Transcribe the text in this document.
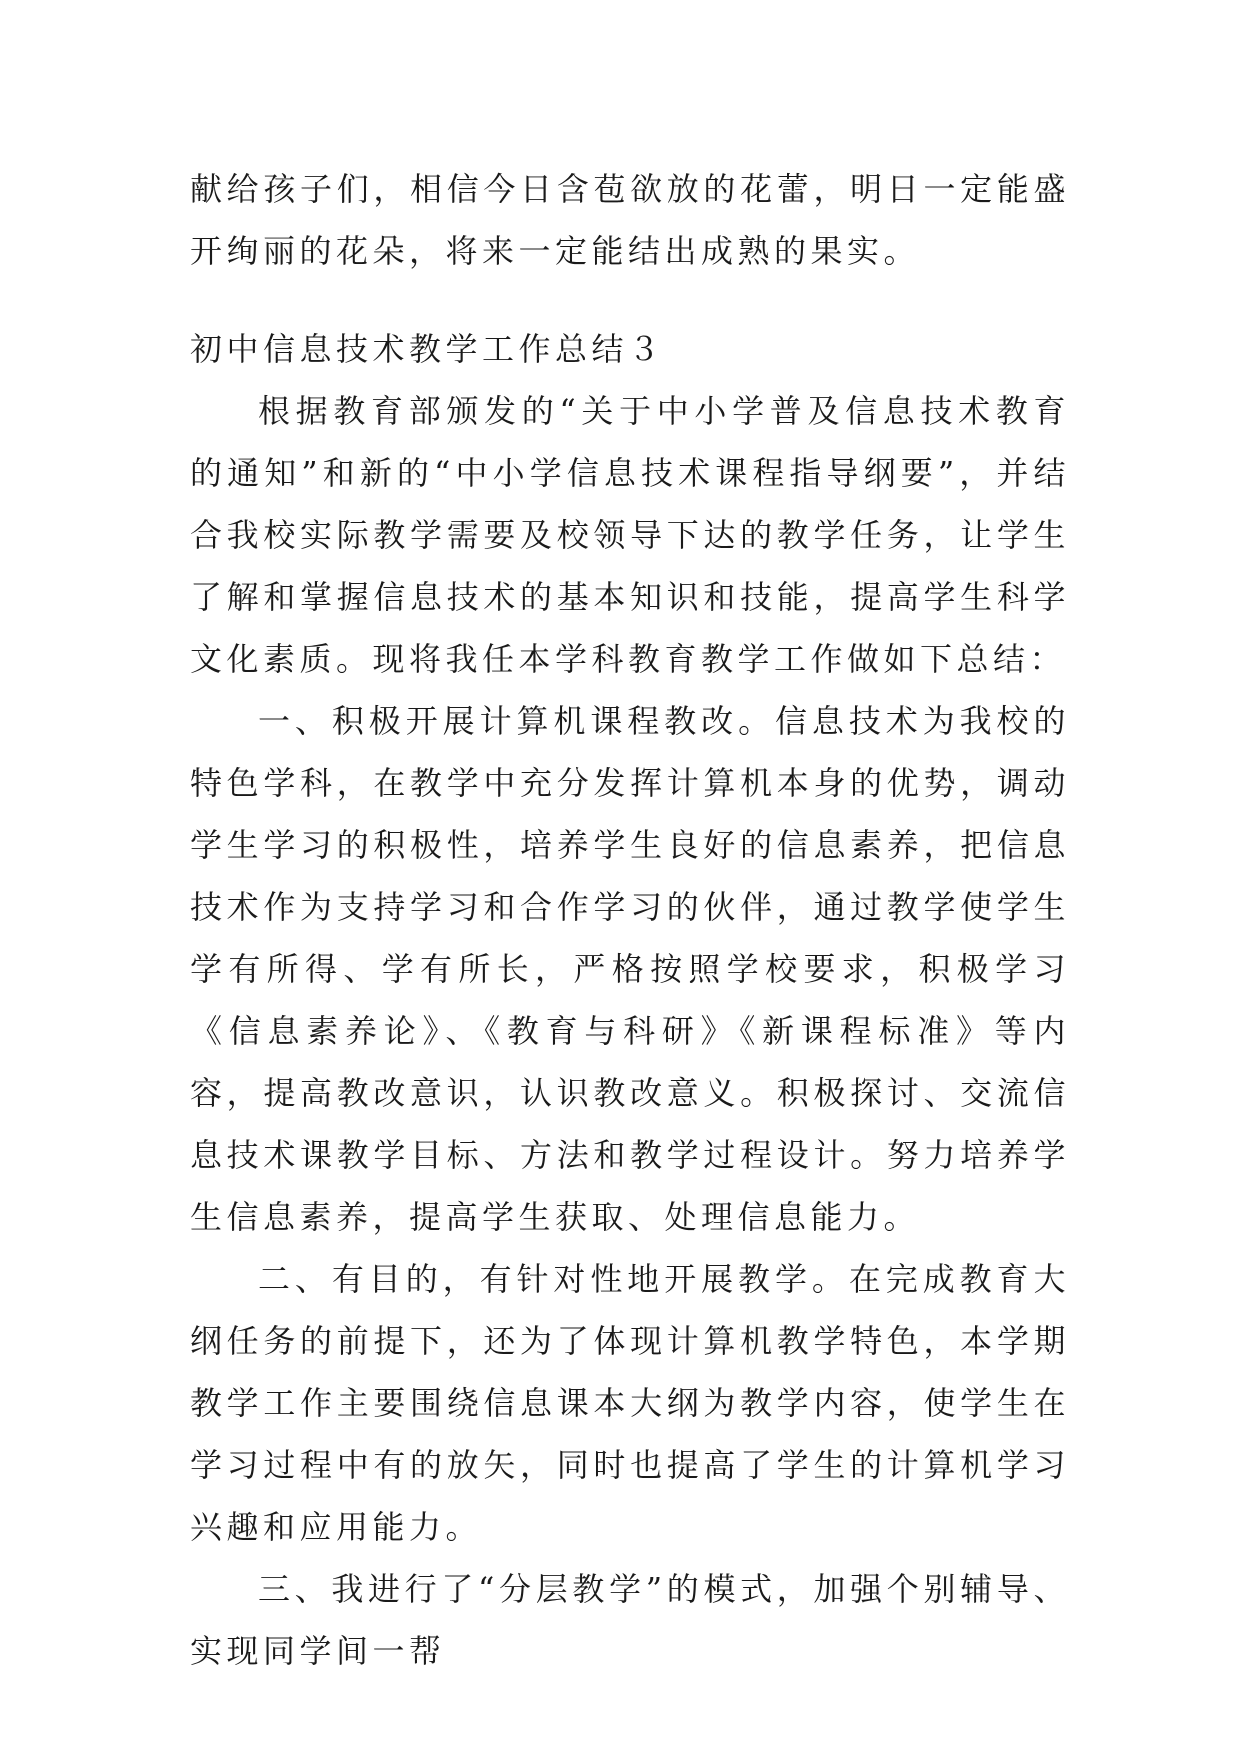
献给孩子们，相信今日含苞欲放的花蕾，明日一定能盛开绚丽的花朵，将来一定能结出成熟的果实。

初中信息技术教学工作总结３

根据教育部颁发的“关于中小学普及信息技术教育的通知”和新的“中小学信息技术课程指导纲要”，并结合我校实际教学需要及校领导下达的教学任务，让学生了解和掌握信息技术的基本知识和技能，提高学生科学文化素质。现将我任本学科教育教学工作做如下总结：

一、积极开展计算机课程教改。信息技术为我校的特色学科，在教学中充分发挥计算机本身的优势，调动学生学习的积极性，培养学生良好的信息素养，把信息技术作为支持学习和合作学习的伙伴，通过教学使学生学有所得、学有所长，严格按照学校要求，积极学习《信息素养论》、《教育与科研》《新课程标准》等内容，提高教改意识，认识教改意义。积极探讨、交流信息技术课教学目标、方法和教学过程设计。努力培养学生信息素养，提高学生获取、处理信息能力。

二、有目的，有针对性地开展教学。在完成教育大纲任务的前提下，还为了体现计算机教学特色，本学期教学工作主要围绕信息课本大纲为教学内容，使学生在学习过程中有的放矢，同时也提高了学生的计算机学习兴趣和应用能力。

三、我进行了“分层教学”的模式，加强个别辅导、实现同学间一帮
